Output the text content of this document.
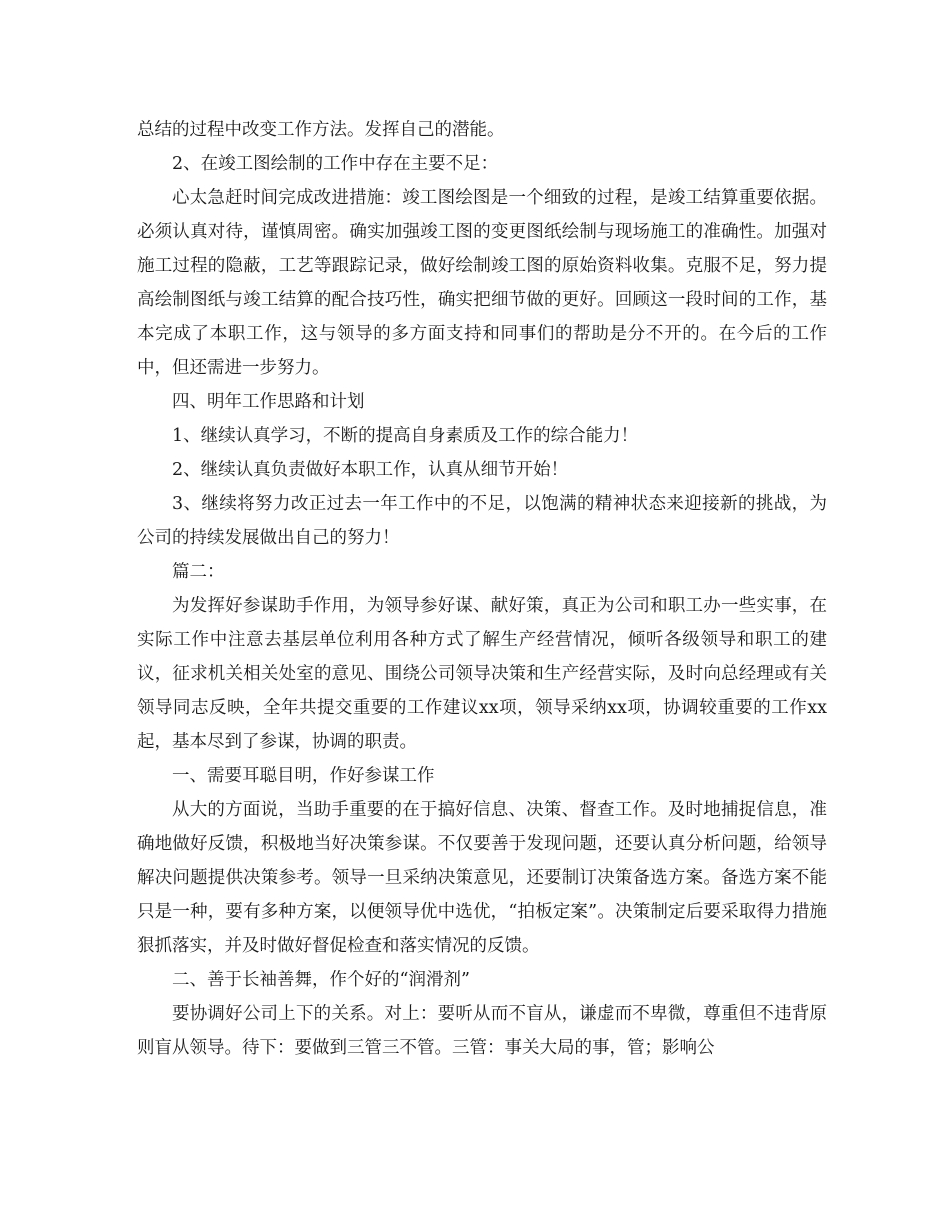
总结的过程中改变工作方法。发挥自己的潜能。

2、在竣工图绘制的工作中存在主要不足：

心太急赶时间完成改进措施：竣工图绘图是一个细致的过程，是竣工结算重要依据。必须认真对待，谨慎周密。确实加强竣工图的变更图纸绘制与现场施工的准确性。加强对施工过程的隐蔽，工艺等跟踪记录，做好绘制竣工图的原始资料收集。克服不足，努力提高绘制图纸与竣工结算的配合技巧性，确实把细节做的更好。回顾这一段时间的工作，基本完成了本职工作，这与领导的多方面支持和同事们的帮助是分不开的。在今后的工作中，但还需进一步努力。

四、明年工作思路和计划

1、继续认真学习，不断的提高自身素质及工作的综合能力！

2、继续认真负责做好本职工作，认真从细节开始！

3、继续将努力改正过去一年工作中的不足，以饱满的精神状态来迎接新的挑战，为公司的持续发展做出自己的努力！

篇二：

为发挥好参谋助手作用，为领导参好谋、献好策，真正为公司和职工办一些实事，在实际工作中注意去基层单位利用各种方式了解生产经营情况，倾听各级领导和职工的建议，征求机关相关处室的意见、围绕公司领导决策和生产经营实际，及时向总经理或有关领导同志反映，全年共提交重要的工作建议xx项，领导采纳xx项，协调较重要的工作xx起，基本尽到了参谋，协调的职责。

一、需要耳聪目明，作好参谋工作

从大的方面说，当助手重要的在于搞好信息、决策、督查工作。及时地捕捉信息，准确地做好反馈，积极地当好决策参谋。不仅要善于发现问题，还要认真分析问题，给领导解决问题提供决策参考。领导一旦采纳决策意见，还要制订决策备选方案。备选方案不能只是一种，要有多种方案，以便领导优中选优，“拍板定案”。决策制定后要采取得力措施狠抓落实，并及时做好督促检查和落实情况的反馈。

二、善于长袖善舞，作个好的“润滑剂”

要协调好公司上下的关系。对上：要听从而不盲从，谦虚而不卑微，尊重但不违背原则盲从领导。待下：要做到三管三不管。三管：事关大局的事，管；影响公
